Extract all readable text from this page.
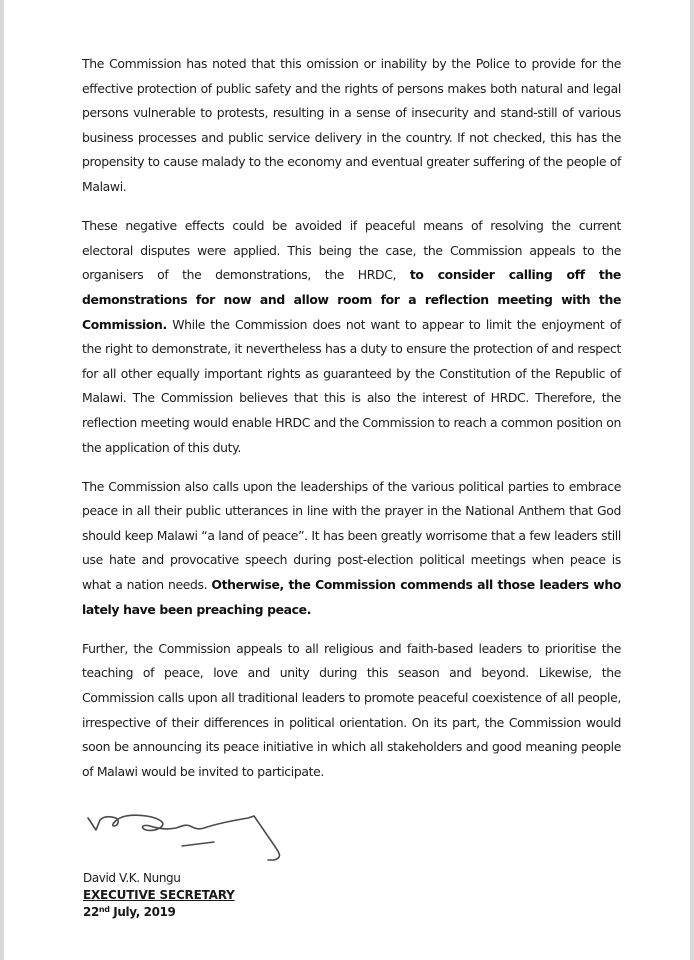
The Commission has noted that this omission or inability by the Police to provide for the effective protection of public safety and the rights of persons makes both natural and legal persons vulnerable to protests, resulting in a sense of insecurity and stand-still of various business processes and public service delivery in the country. If not checked, this has the propensity to cause malady to the economy and eventual greater suffering of the people of Malawi.

These negative effects could be avoided if peaceful means of resolving the current electoral disputes were applied. This being the case, the Commission appeals to the organisers of the demonstrations, the HRDC, to consider calling off the demonstrations for now and allow room for a reflection meeting with the Commission. While the Commission does not want to appear to limit the enjoyment of the right to demonstrate, it nevertheless has a duty to ensure the protection of and respect for all other equally important rights as guaranteed by the Constitution of the Republic of Malawi. The Commission believes that this is also the interest of HRDC. Therefore, the reflection meeting would enable HRDC and the Commission to reach a common position on the application of this duty.

The Commission also calls upon the leaderships of the various political parties to embrace peace in all their public utterances in line with the prayer in the National Anthem that God should keep Malawi “a land of peace”. It has been greatly worrisome that a few leaders still use hate and provocative speech during post-election political meetings when peace is what a nation needs. Otherwise, the Commission commends all those leaders who lately have been preaching peace.

Further, the Commission appeals to all religious and faith-based leaders to prioritise the teaching of peace, love and unity during this season and beyond. Likewise, the Commission calls upon all traditional leaders to promote peaceful coexistence of all people, irrespective of their differences in political orientation. On its part, the Commission would soon be announcing its peace initiative in which all stakeholders and good meaning people of Malawi would be invited to participate.

David V.K. Nungu
EXECUTIVE SECRETARY
22nd July, 2019
